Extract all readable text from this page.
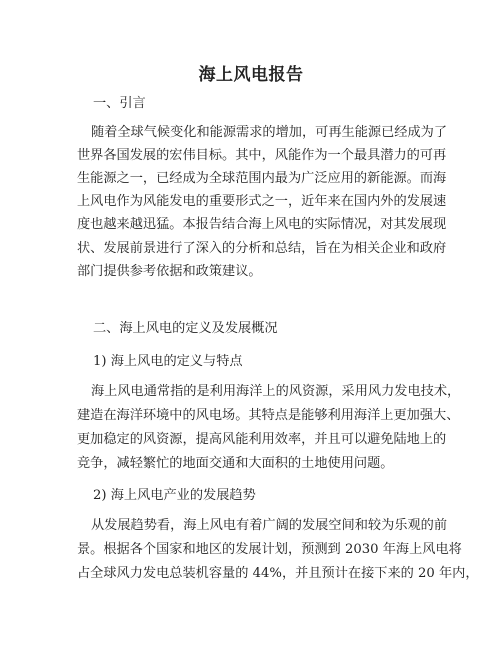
海上风电报告
一、引言
随着全球气候变化和能源需求的增加，可再生能源已经成为了
世界各国发展的宏伟目标。其中，风能作为一个最具潜力的可再
生能源之一，已经成为全球范围内最为广泛应用的新能源。而海
上风电作为风能发电的重要形式之一，近年来在国内外的发展速
度也越来越迅猛。本报告结合海上风电的实际情况，对其发展现
状、发展前景进行了深入的分析和总结，旨在为相关企业和政府
部门提供参考依据和政策建议。
二、海上风电的定义及发展概况
1) 海上风电的定义与特点
海上风电通常指的是利用海洋上的风资源，采用风力发电技术，
建造在海洋环境中的风电场。其特点是能够利用海洋上更加强大、
更加稳定的风资源，提高风能利用效率，并且可以避免陆地上的
竞争，减轻繁忙的地面交通和大面积的土地使用问题。
2) 海上风电产业的发展趋势
从发展趋势看，海上风电有着广阔的发展空间和较为乐观的前
景。根据各个国家和地区的发展计划，预测到 2030 年海上风电将
占全球风力发电总装机容量的 44%，并且预计在接下来的 20 年内，
